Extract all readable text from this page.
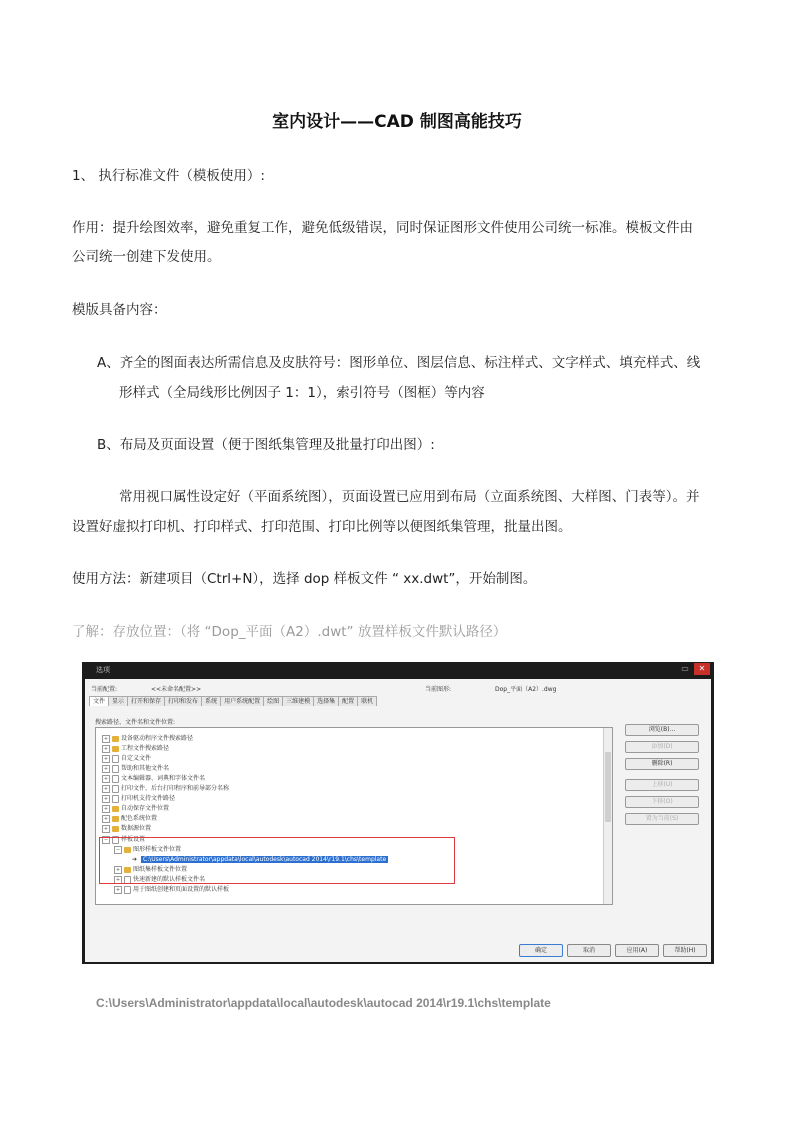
室内设计——CAD 制图高能技巧
1、 执行标准文件（模板使用）:
作用：提升绘图效率，避免重复工作，避免低级错误，同时保证图形文件使用公司统一标准。模板文件由
公司统一创建下发使用。
模版具备内容：
A、齐全的图面表达所需信息及皮肤符号：图形单位、图层信息、标注样式、文字样式、填充样式、线
形样式（全局线形比例因子 1：1），索引符号（图框）等内容
B、布局及页面设置（便于图纸集管理及批量打印出图）:
常用视口属性设定好（平面系统图），页面设置已应用到布局（立面系统图、大样图、门表等）。并
设置好虚拟打印机、打印样式、打印范围、打印比例等以便图纸集管理，批量出图。
使用方法：新建项目（Ctrl+N），选择 dop 样板文件 “ xx.dwt”，开始制图。
了解：存放位置：（将 “Dop_平面（A2）.dwt” 放置样板文件默认路径）
选项	▭	✕
当前配置:	<<未命名配置>>	当前图形:	Dop_平面（A2）.dwg
文件	显示	打开和保存	打印和发布	系统	用户系统配置	绘图	三维建模	选择集	配置	联机
搜索路径、文件名和文件位置:
+ 设备驱动程序文件搜索路径
+ 工程文件搜索路径
+ 自定义文件
+ 帮助和其他文件名
+ 文本编辑器、词典和字体文件名
+ 打印文件、后台打印程序和前导部分名称
+ 打印机支持文件路径
+ 自动保存文件位置
+ 配色系统位置
+ 数据源位置
− 样板设置
− 图形样板文件位置
➔ C:\Users\Administrator\appdata\local\autodesk\autocad 2014\r19.1\chs\template
+ 图纸集样板文件位置
+ 快速新建的默认样板文件名
+ 用于图纸创建和页面设置的默认样板
浏览(B)...
添加(D)
删除(R)
上移(U)
下移(O)
置为当前(S)
确定	取消	应用(A)	帮助(H)
C:\Users\Administrator\appdata\local\autodesk\autocad 2014\r19.1\chs\template
